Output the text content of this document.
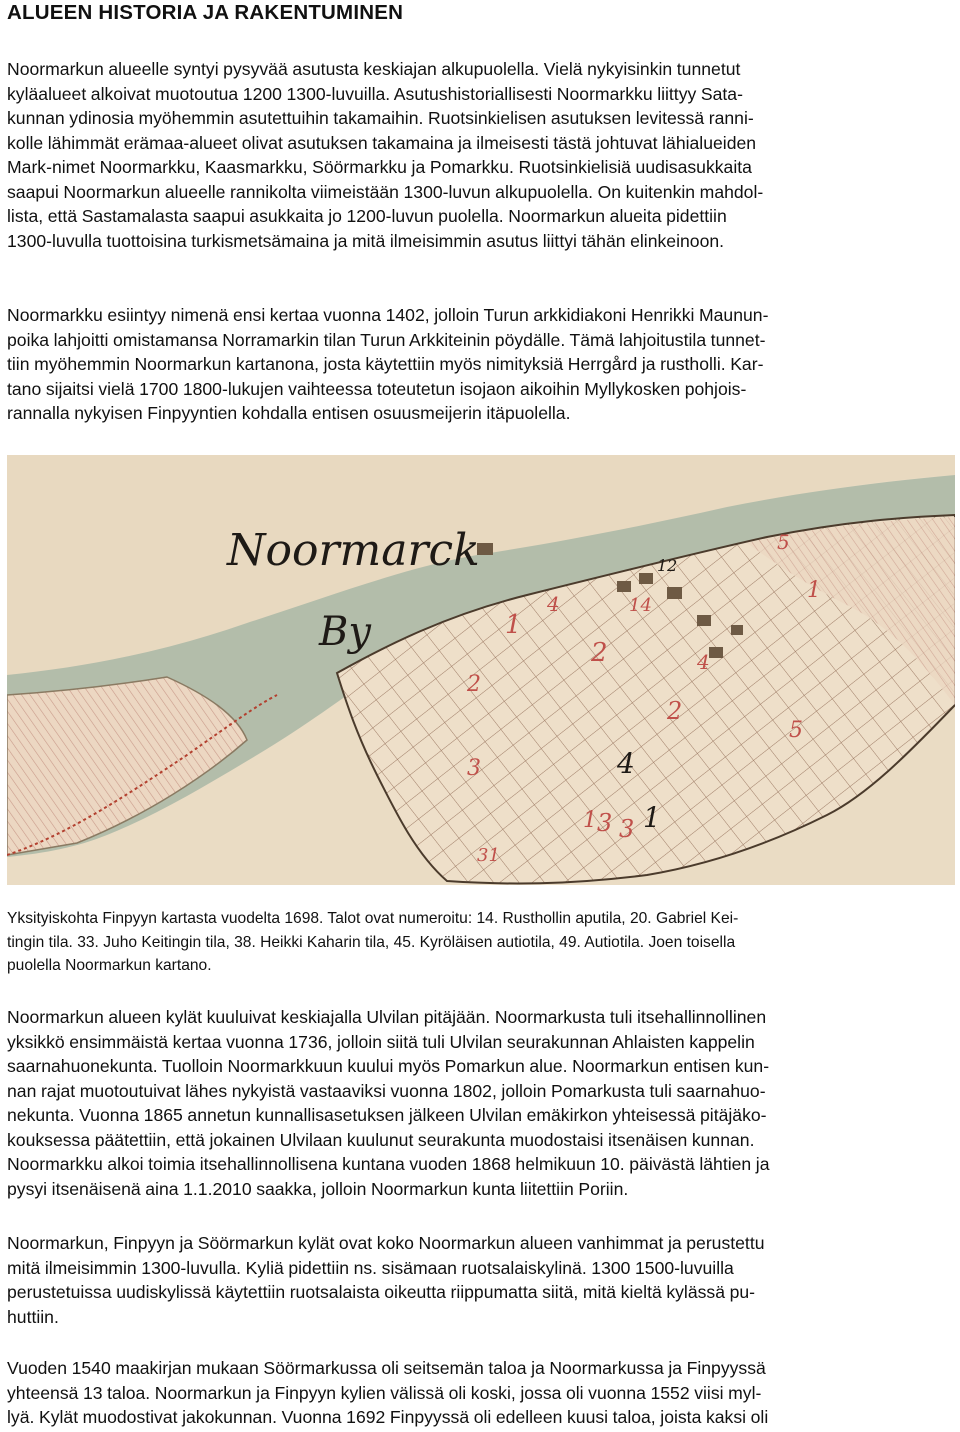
ALUEEN HISTORIA JA RAKENTUMINEN
Noormarkun alueelle syntyi pysyvää asutusta keskiajan alkupuolella. Vielä nykyisinkin tunnetut
kyläalueet alkoivat muotoutua 1200 1300-luvuilla. Asutushistoriallisesti Noormarkku liittyy Sata-
kunnan ydinosia myöhemmin asutettuihin takamaihin. Ruotsinkielisen asutuksen levitessä ranni-
kolle lähimmät erämaa-alueet olivat asutuksen takamaina ja ilmeisesti tästä johtuvat lähialueiden
Mark-nimet Noormarkku, Kaasmarkku, Söörmarkku ja Pomarkku. Ruotsinkielisiä uudisasukkaita
saapui Noormarkun alueelle rannikolta viimeistään 1300-luvun alkupuolella. On kuitenkin mahdol-
lista, että Sastamalasta saapui asukkaita jo 1200-luvun puolella. Noormarkun alueita pidettiin
1300-luvulla tuottoisina turkismetsämaina ja mitä ilmeisimmin asutus liittyi tähän elinkeinoon.
Noormarkku esiintyy nimenä ensi kertaa vuonna 1402, jolloin Turun arkkidiakoni Henrikki Maunun-
poika lahjoitti omistamansa Norramarkin tilan Turun Arkkiteinin pöydälle. Tämä lahjoitustila tunnet-
tiin myöhemmin Noormarkun kartanona, josta käytettiin myös nimityksiä Herrgård ja rustholli. Kar-
tano sijaitsi vielä 1700 1800-lukujen vaihteessa toteutetun isojaon aikoihin Myllykosken pohjois-
rannalla nykyisen Finpyyntien kohdalla entisen osuusmeijerin itäpuolella.
Noormarck
By	1
2
4
5
12
14
1
2
2
3
5
3
4
1
3
1
31
4
Yksityiskohta Finpyyn kartasta vuodelta 1698. Talot ovat numeroitu: 14. Rusthollin aputila, 20. Gabriel Kei-
tingin tila. 33. Juho Keitingin tila, 38. Heikki Kaharin tila, 45. Kyröläisen autiotila, 49. Autiotila. Joen toisella
puolella Noormarkun kartano.
Noormarkun alueen kylät kuuluivat keskiajalla Ulvilan pitäjään. Noormarkusta tuli itsehallinnollinen
yksikkö ensimmäistä kertaa vuonna 1736, jolloin siitä tuli Ulvilan seurakunnan Ahlaisten kappelin
saarnahuonekunta. Tuolloin Noormarkkuun kuului myös Pomarkun alue. Noormarkun entisen kun-
nan rajat muotoutuivat lähes nykyistä vastaaviksi vuonna 1802, jolloin Pomarkusta tuli saarnahuo-
nekunta. Vuonna 1865 annetun kunnallisasetuksen jälkeen Ulvilan emäkirkon yhteisessä pitäjäko-
kouksessa päätettiin, että jokainen Ulvilaan kuulunut seurakunta muodostaisi itsenäisen kunnan.
Noormarkku alkoi toimia itsehallinnollisena kuntana vuoden 1868 helmikuun 10. päivästä lähtien ja
pysyi itsenäisenä aina 1.1.2010 saakka, jolloin Noormarkun kunta liitettiin Poriin.
Noormarkun, Finpyyn ja Söörmarkun kylät ovat koko Noormarkun alueen vanhimmat ja perustettu
mitä ilmeisimmin 1300-luvulla. Kyliä pidettiin ns. sisämaan ruotsalaiskylinä. 1300 1500-luvuilla
perustetuissa uudiskylissä käytettiin ruotsalaista oikeutta riippumatta siitä, mitä kieltä kylässä pu-
huttiin.
Vuoden 1540 maakirjan mukaan Söörmarkussa oli seitsemän taloa ja Noormarkussa ja Finpyyssä
yhteensä 13 taloa. Noormarkun ja Finpyyn kylien välissä oli koski, jossa oli vuonna 1552 viisi myl-
lyä. Kylät muodostivat jakokunnan. Vuonna 1692 Finpyyssä oli edelleen kuusi taloa, joista kaksi oli
